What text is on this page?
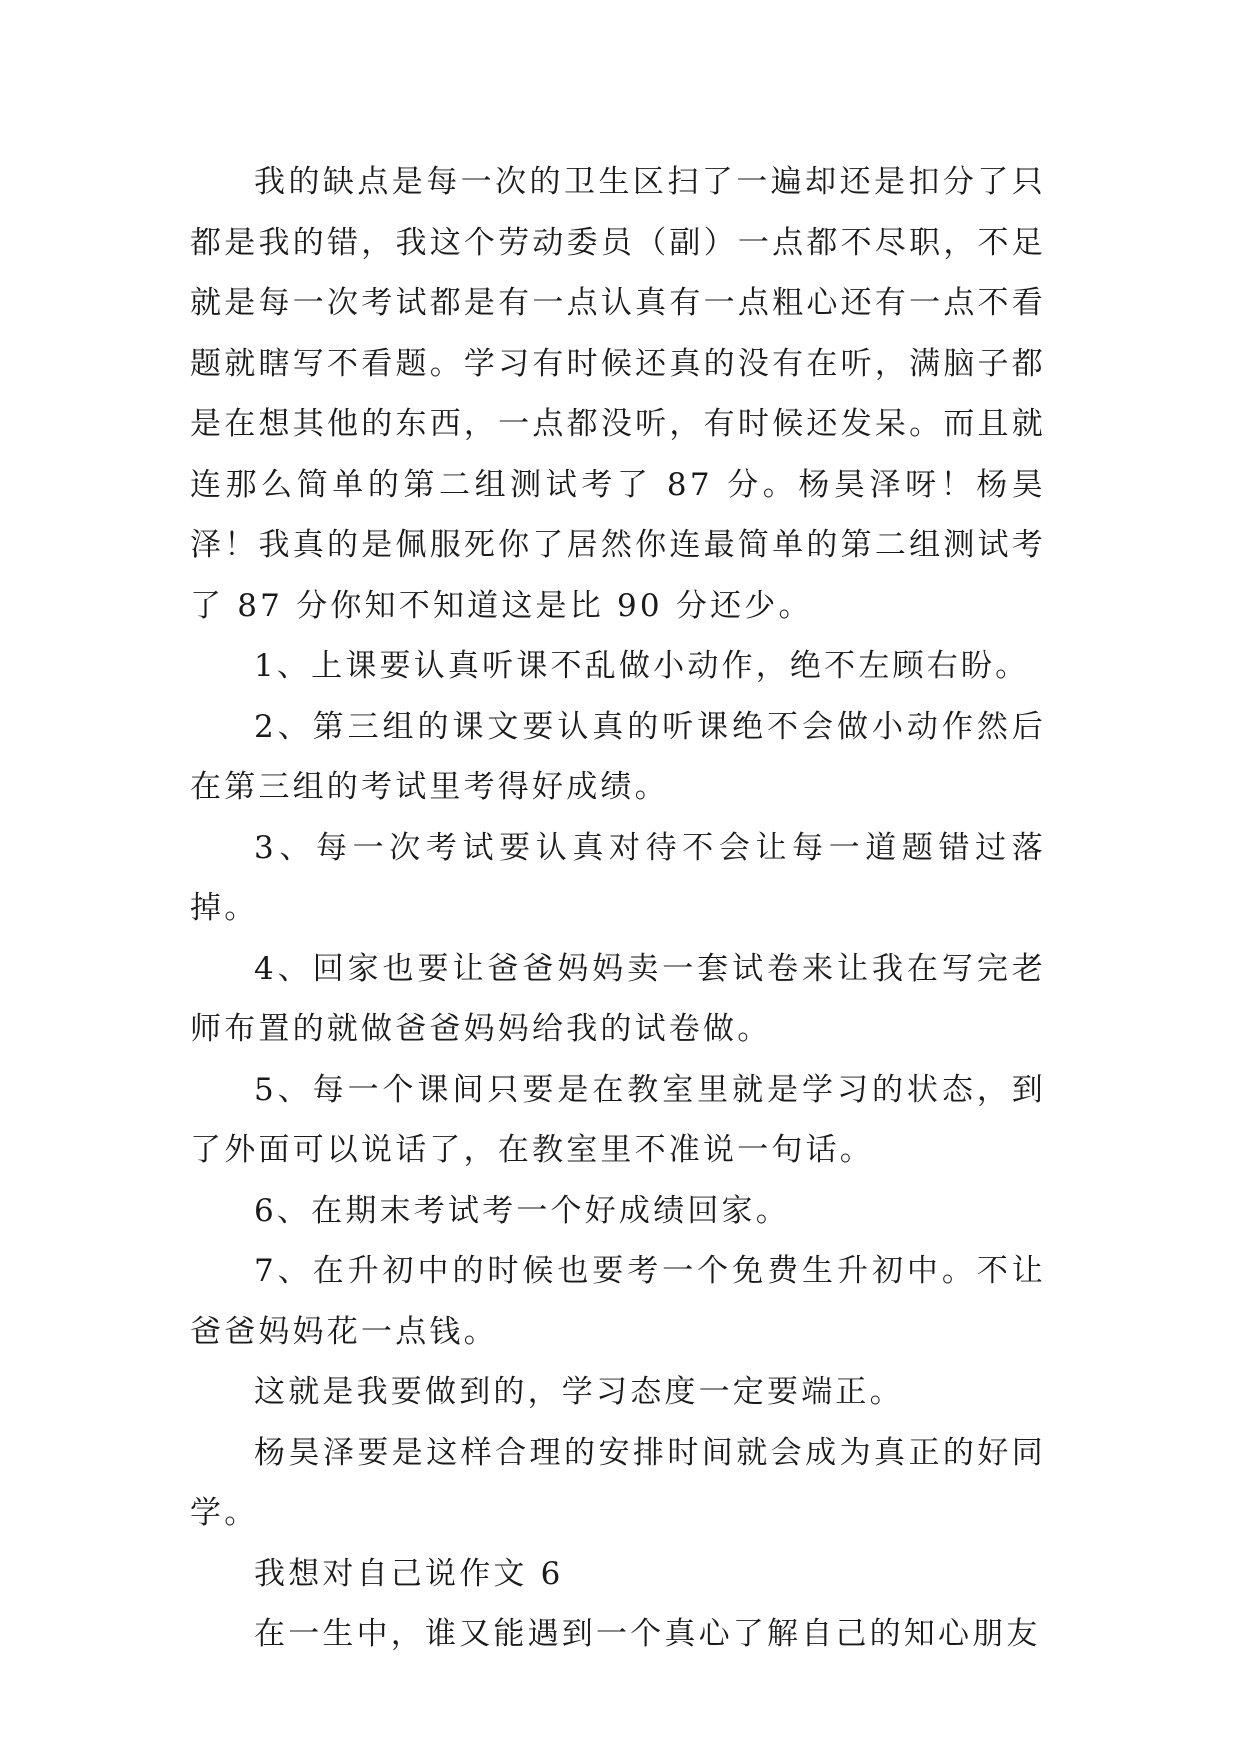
我的缺点是每一次的卫生区扫了一遍却还是扣分了只都是我的错，我这个劳动委员（副）一点都不尽职，不足就是每一次考试都是有一点认真有一点粗心还有一点不看题就瞎写不看题。学习有时候还真的没有在听，满脑子都是在想其他的东西，一点都没听，有时候还发呆。而且就连那么简单的第二组测试考了 87 分。杨昊泽呀！杨昊泽！我真的是佩服死你了居然你连最简单的第二组测试考了 87 分你知不知道这是比 90 分还少。

1、上课要认真听课不乱做小动作，绝不左顾右盼。

2、第三组的课文要认真的听课绝不会做小动作然后在第三组的考试里考得好成绩。

3、每一次考试要认真对待不会让每一道题错过落掉。

4、回家也要让爸爸妈妈卖一套试卷来让我在写完老师布置的就做爸爸妈妈给我的试卷做。

5、每一个课间只要是在教室里就是学习的状态，到了外面可以说话了，在教室里不准说一句话。

6、在期末考试考一个好成绩回家。

7、在升初中的时候也要考一个免费生升初中。不让爸爸妈妈花一点钱。

这就是我要做到的，学习态度一定要端正。

杨昊泽要是这样合理的安排时间就会成为真正的好同学。

我想对自己说作文 6

在一生中，谁又能遇到一个真心了解自己的知心朋友
